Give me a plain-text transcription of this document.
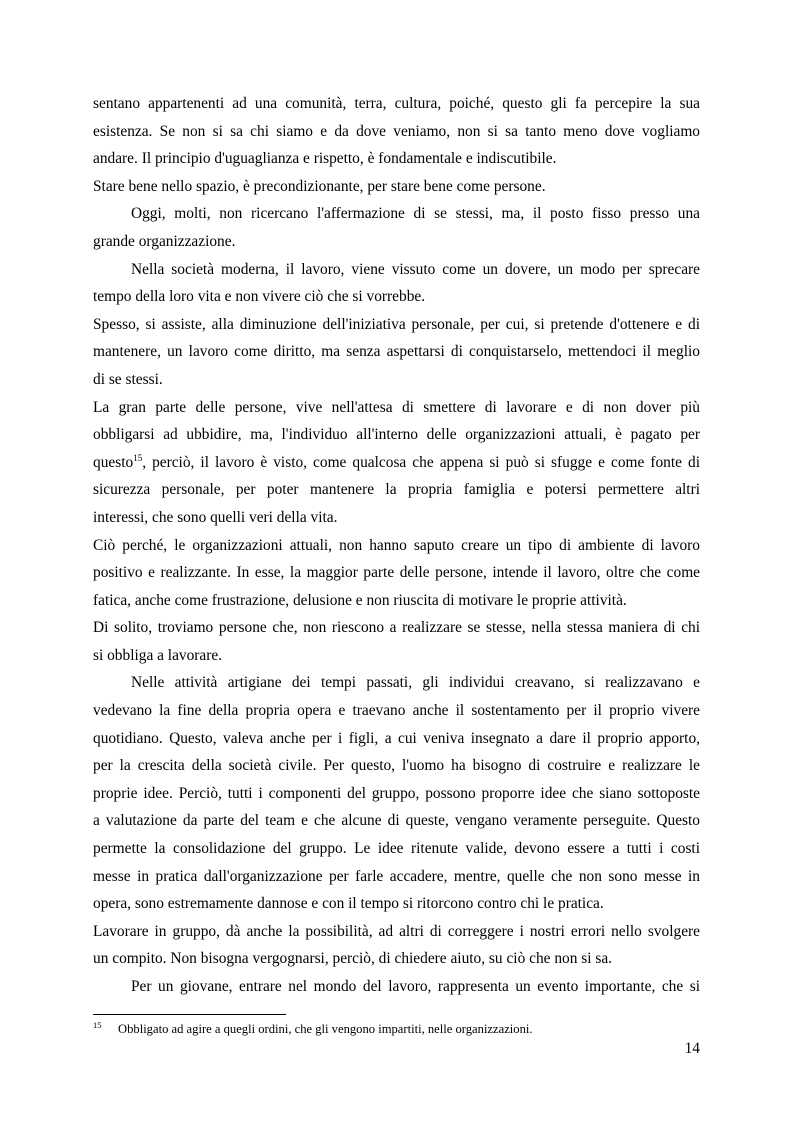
sentano appartenenti ad una comunità, terra, cultura, poiché, questo gli fa percepire la sua
esistenza. Se non si sa chi siamo e da dove veniamo, non si sa tanto meno dove vogliamo
andare. Il principio d'uguaglianza e rispetto, è fondamentale e indiscutibile.
Stare bene nello spazio, è precondizionante, per stare bene come persone.
Oggi, molti, non ricercano l'affermazione di se stessi, ma, il posto fisso presso una
grande organizzazione.
Nella società moderna, il lavoro, viene vissuto come un dovere, un modo per sprecare
tempo della loro vita e non vivere ciò che si vorrebbe.
Spesso, si assiste, alla diminuzione dell'iniziativa personale, per cui, si pretende d'ottenere e di
mantenere, un lavoro come diritto, ma senza aspettarsi di conquistarselo, mettendoci il meglio
di se stessi.
La gran parte delle persone, vive nell'attesa di smettere di lavorare e di non dover più
obbligarsi ad ubbidire, ma, l'individuo all'interno delle organizzazioni attuali, è pagato per
questo$^{15}$, perciò, il lavoro è visto, come qualcosa che appena si può si sfugge e come fonte di
sicurezza personale, per poter mantenere la propria famiglia e potersi permettere altri
interessi, che sono quelli veri della vita.
Ciò perché, le organizzazioni attuali, non hanno saputo creare un tipo di ambiente di lavoro
positivo e realizzante. In esse, la maggior parte delle persone, intende il lavoro, oltre che come
fatica, anche come frustrazione, delusione e non riuscita di motivare le proprie attività.
Di solito, troviamo persone che, non riescono a realizzare se stesse, nella stessa maniera di chi
si obbliga a lavorare.
Nelle attività artigiane dei tempi passati, gli individui creavano, si realizzavano e
vedevano la fine della propria opera e traevano anche il sostentamento per il proprio vivere
quotidiano. Questo, valeva anche per i figli, a cui veniva insegnato a dare il proprio apporto,
per la crescita della società civile. Per questo, l'uomo ha bisogno di costruire e realizzare le
proprie idee. Perciò, tutti i componenti del gruppo, possono proporre idee che siano sottoposte
a valutazione da parte del team e che alcune di queste, vengano veramente perseguite. Questo
permette la consolidazione del gruppo. Le idee ritenute valide, devono essere a tutti i costi
messe in pratica dall'organizzazione per farle accadere, mentre, quelle che non sono messe in
opera, sono estremamente dannose e con il tempo si ritorcono contro chi le pratica.
Lavorare in gruppo, dà anche la possibilità, ad altri di correggere i nostri errori nello svolgere
un compito. Non bisogna vergognarsi, perciò, di chiedere aiuto, su ciò che non si sa.
Per un giovane, entrare nel mondo del lavoro, rappresenta un evento importante, che si
15 Obbligato ad agire a quegli ordini, che gli vengono impartiti, nelle organizzazioni.
14
